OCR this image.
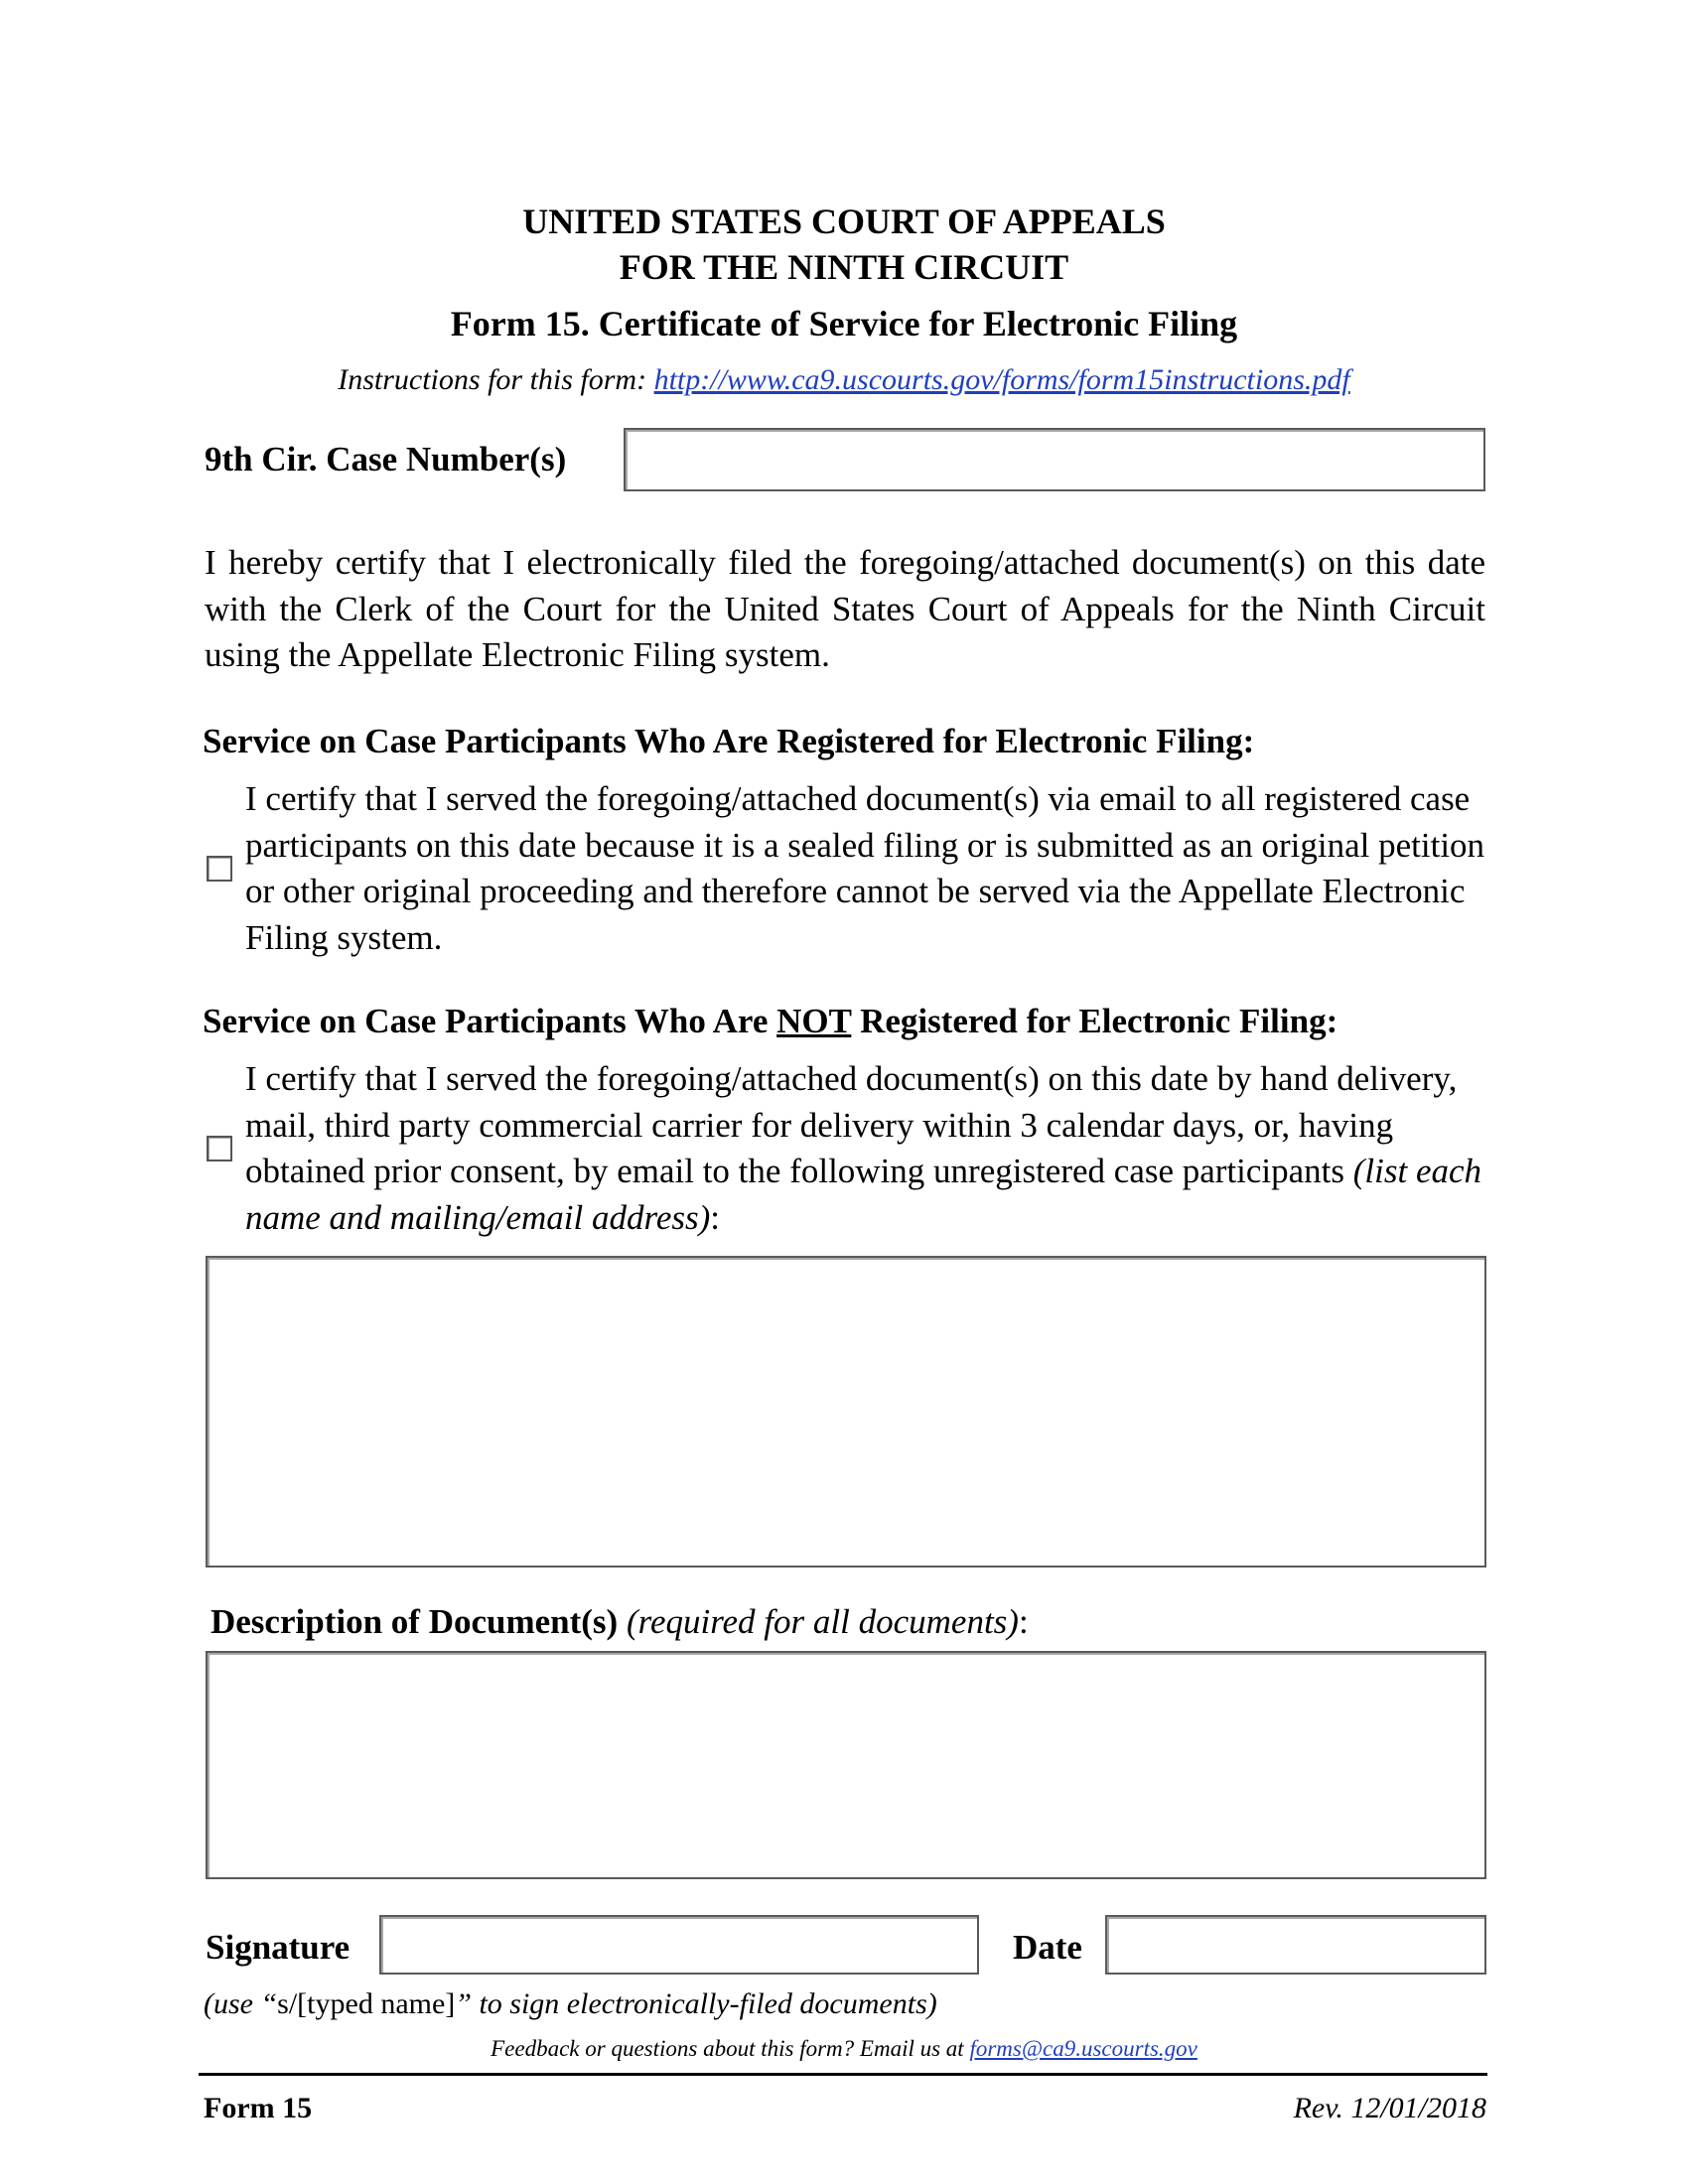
UNITED STATES COURT OF APPEALS
FOR THE NINTH CIRCUIT
Form 15. Certificate of Service for Electronic Filing
Instructions for this form: http://www.ca9.uscourts.gov/forms/form15instructions.pdf
9th Cir. Case Number(s)
I hereby certify that I electronically filed the foregoing/attached document(s) on this date with the Clerk of the Court for the United States Court of Appeals for the Ninth Circuit using the Appellate Electronic Filing system.
Service on Case Participants Who Are Registered for Electronic Filing:
I certify that I served the foregoing/attached document(s) via email to all registered case participants on this date because it is a sealed filing or is submitted as an original petition or other original proceeding and therefore cannot be served via the Appellate Electronic Filing system.
Service on Case Participants Who Are NOT Registered for Electronic Filing:
I certify that I served the foregoing/attached document(s) on this date by hand delivery, mail, third party commercial carrier for delivery within 3 calendar days, or, having obtained prior consent, by email to the following unregistered case participants (list each name and mailing/email address):
Description of Document(s) (required for all documents):
Signature	Date
(use “s/[typed name]” to sign electronically-filed documents)
Feedback or questions about this form? Email us at forms@ca9.uscourts.gov
Form 15	Rev. 12/01/2018
